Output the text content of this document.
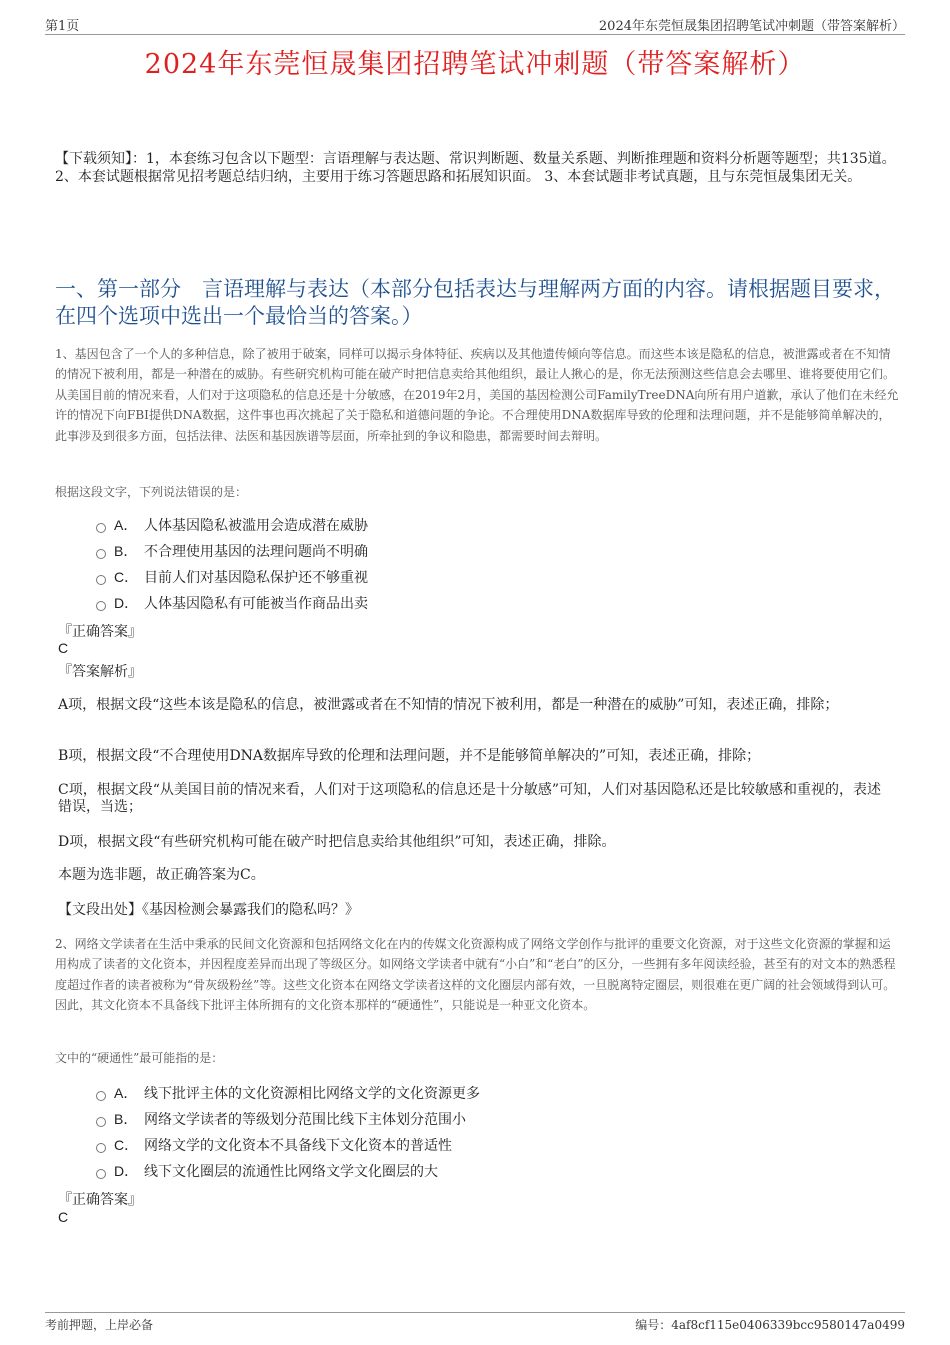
第1页	2024年东莞恒晟集团招聘笔试冲刺题（带答案解析）
2024年东莞恒晟集团招聘笔试冲刺题（带答案解析）
【下载须知】：1，本套练习包含以下题型：言语理解与表达题、常识判断题、数量关系题、判断推理题和资料分析题等题型；共135道。 2、本套试题根据常见招考题总结归纳，主要用于练习答题思路和拓展知识面。 3、本套试题非考试真题，且与东莞恒晟集团无关。
一、第一部分　言语理解与表达（本部分包括表达与理解两方面的内容。请根据题目要求，在四个选项中选出一个最恰当的答案。）
1、基因包含了一个人的多种信息，除了被用于破案，同样可以揭示身体特征、疾病以及其他遗传倾向等信息。而这些本该是隐私的信息，被泄露或者在不知情的情况下被利用，都是一种潜在的威胁。有些研究机构可能在破产时把信息卖给其他组织，最让人揪心的是，你无法预测这些信息会去哪里、谁将要使用它们。从美国目前的情况来看，人们对于这项隐私的信息还是十分敏感，在2019年2月，美国的基因检测公司FamilyTreeDNA向所有用户道歉，承认了他们在未经允许的情况下向FBI提供DNA数据，这件事也再次挑起了关于隐私和道德问题的争论。不合理使用DNA数据库导致的伦理和法理问题，并不是能够简单解决的，此事涉及到很多方面，包括法律、法医和基因族谱等层面，所牵扯到的争议和隐患，都需要时间去辩明。
根据这段文字，下列说法错误的是：
A． 人体基因隐私被滥用会造成潜在威胁
B． 不合理使用基因的法理问题尚不明确
C． 目前人们对基因隐私保护还不够重视
D． 人体基因隐私有可能被当作商品出卖
『正确答案』
C
『答案解析』
A项，根据文段“这些本该是隐私的信息，被泄露或者在不知情的情况下被利用，都是一种潜在的威胁”可知，表述正确，排除；
B项，根据文段“不合理使用DNA数据库导致的伦理和法理问题，并不是能够简单解决的”可知，表述正确，排除；
C项，根据文段“从美国目前的情况来看，人们对于这项隐私的信息还是十分敏感”可知，人们对基因隐私还是比较敏感和重视的，表述错误，当选；
D项，根据文段“有些研究机构可能在破产时把信息卖给其他组织”可知，表述正确，排除。
本题为选非题，故正确答案为C。
【文段出处】《基因检测会暴露我们的隐私吗？》
2、网络文学读者在生活中秉承的民间文化资源和包括网络文化在内的传媒文化资源构成了网络文学创作与批评的重要文化资源，对于这些文化资源的掌握和运用构成了读者的文化资本，并因程度差异而出现了等级区分。如网络文学读者中就有“小白”和“老白”的区分，一些拥有多年阅读经验，甚至有的对文本的熟悉程度超过作者的读者被称为“骨灰级粉丝”等。这些文化资本在网络文学读者这样的文化圈层内部有效，一旦脱离特定圈层，则很难在更广阔的社会领域得到认可。因此，其文化资本不具备线下批评主体所拥有的文化资本那样的“硬通性”，只能说是一种亚文化资本。
文中的“硬通性”最可能指的是：
A． 线下批评主体的文化资源相比网络文学的文化资源更多
B． 网络文学读者的等级划分范围比线下主体划分范围小
C． 网络文学的文化资本不具备线下文化资本的普适性
D． 线下文化圈层的流通性比网络文学文化圈层的大
『正确答案』
C
考前押题，上岸必备	编号：4af8cf115e0406339bcc9580147a0499
